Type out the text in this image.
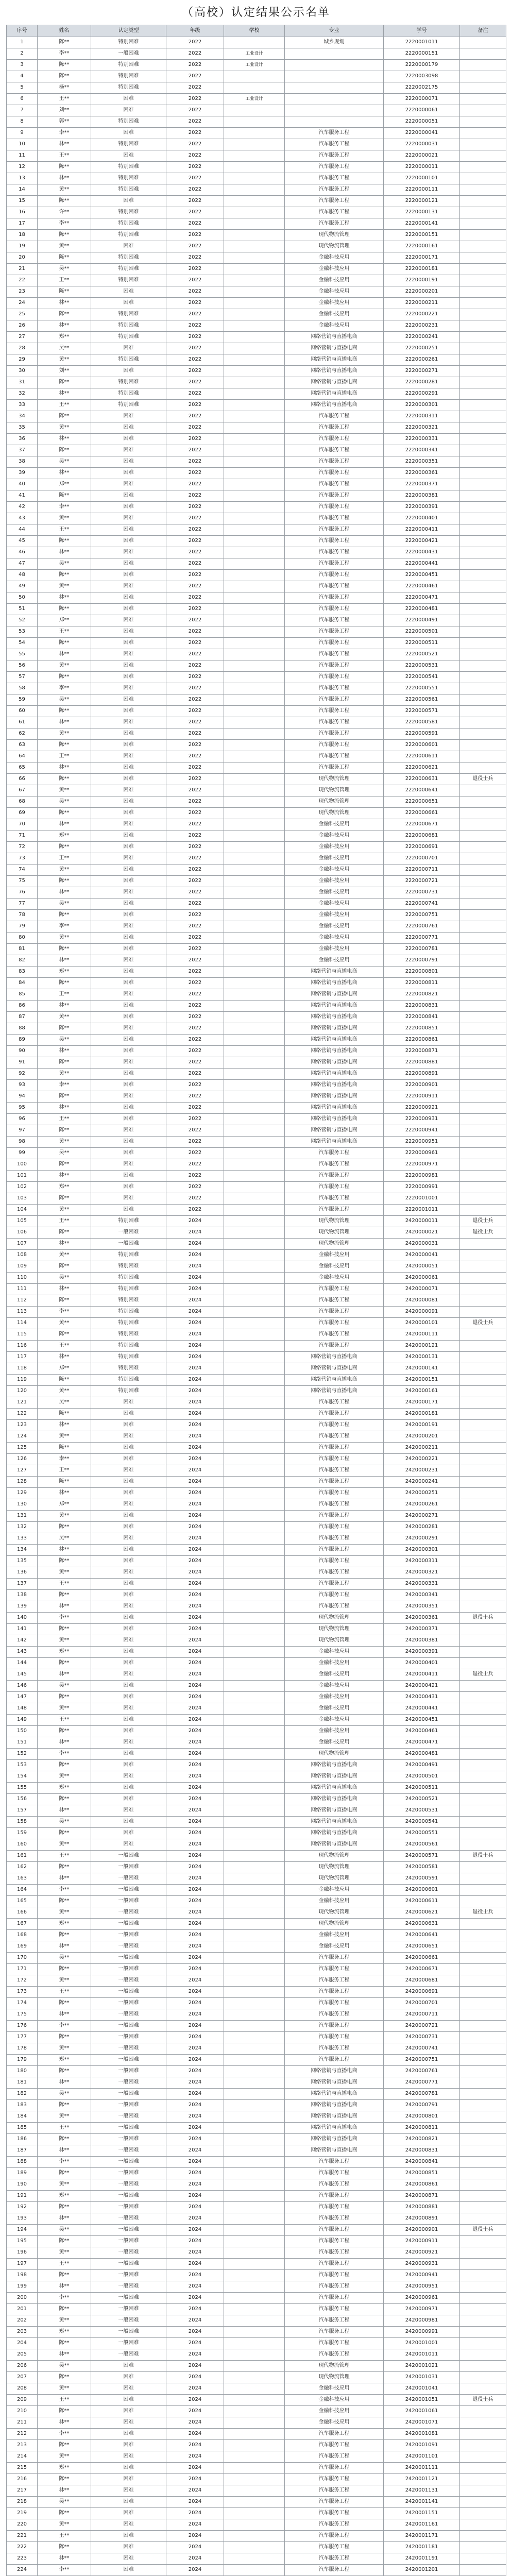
（高校）认定结果公示名单
序号	姓名	认定类型	年级	学校	专业	学号	备注
1	陈**	特别困难	2022		城乡规划	2220001011	
2	李**	一般困难	2022	工业设计		2220000151	
3	陈**	特别困难	2022	工业设计		2220000179	
4	陈**	特别困难	2022			2220003098	
5	杨**	特别困难	2022			2220002175	
6	王**	困难	2022	工业设计		2220000071	
7	刘**	困难	2022			2220000061	
8	郭**	特别困难	2022			2220000051	
9	李**	困难	2022		汽车服务工程	2220000041	
10	林**	特别困难	2022		汽车服务工程	2220000031	
11	王**	困难	2022		汽车服务工程	2220000021	
12	陈**	特别困难	2022		汽车服务工程	2220000011	
13	林**	特别困难	2022		汽车服务工程	2220000101	
14	黄**	特别困难	2022		汽车服务工程	2220000111	
15	陈**	困难	2022		汽车服务工程	2220000121	
16	许**	特别困难	2022		汽车服务工程	2220000131	
17	李**	特别困难	2022		汽车服务工程	2220000141	
18	陈**	特别困难	2022		现代物流管理	2220000151	
19	黄**	困难	2022		现代物流管理	2220000161	
20	陈**	特别困难	2022		金融科技应用	2220000171	
21	吴**	特别困难	2022		金融科技应用	2220000181	
22	王**	特别困难	2022		金融科技应用	2220000191	
23	陈**	困难	2022		金融科技应用	2220000201	
24	林**	困难	2022		金融科技应用	2220000211	
25	陈**	特别困难	2022		金融科技应用	2220000221	
26	林**	特别困难	2022		金融科技应用	2220000231	
27	郑**	特别困难	2022		网络营销与直播电商	2220000241	
28	吴**	困难	2022		网络营销与直播电商	2220000251	
29	黄**	特别困难	2022		网络营销与直播电商	2220000261	
30	刘**	困难	2022		网络营销与直播电商	2220000271	
31	陈**	特别困难	2022		网络营销与直播电商	2220000281	
32	林**	特别困难	2022		网络营销与直播电商	2220000291	
33	王**	特别困难	2022		网络营销与直播电商	2220000301	
34	陈**	困难	2022		汽车服务工程	2220000311	
35	黄**	困难	2022		汽车服务工程	2220000321	
36	林**	困难	2022		汽车服务工程	2220000331	
37	陈**	困难	2022		汽车服务工程	2220000341	
38	吴**	困难	2022		汽车服务工程	2220000351	
39	林**	困难	2022		汽车服务工程	2220000361	
40	郑**	困难	2022		汽车服务工程	2220000371	
41	陈**	困难	2022		汽车服务工程	2220000381	
42	李**	困难	2022		汽车服务工程	2220000391	
43	黄**	困难	2022		汽车服务工程	2220000401	
44	王**	困难	2022		汽车服务工程	2220000411	
45	陈**	困难	2022		汽车服务工程	2220000421	
46	林**	困难	2022		汽车服务工程	2220000431	
47	吴**	困难	2022		汽车服务工程	2220000441	
48	陈**	困难	2022		汽车服务工程	2220000451	
49	黄**	困难	2022		汽车服务工程	2220000461	
50	林**	困难	2022		汽车服务工程	2220000471	
51	陈**	困难	2022		汽车服务工程	2220000481	
52	郑**	困难	2022		汽车服务工程	2220000491	
53	王**	困难	2022		汽车服务工程	2220000501	
54	陈**	困难	2022		汽车服务工程	2220000511	
55	林**	困难	2022		汽车服务工程	2220000521	
56	黄**	困难	2022		汽车服务工程	2220000531	
57	陈**	困难	2022		汽车服务工程	2220000541	
58	李**	困难	2022		汽车服务工程	2220000551	
59	吴**	困难	2022		汽车服务工程	2220000561	
60	陈**	困难	2022		汽车服务工程	2220000571	
61	林**	困难	2022		汽车服务工程	2220000581	
62	黄**	困难	2022		汽车服务工程	2220000591	
63	陈**	困难	2022		汽车服务工程	2220000601	
64	王**	困难	2022		汽车服务工程	2220000611	
65	林**	困难	2022		汽车服务工程	2220000621	
66	陈**	困难	2022		现代物流管理	2220000631	退役士兵
67	黄**	困难	2022		现代物流管理	2220000641	
68	吴**	困难	2022		现代物流管理	2220000651	
69	陈**	困难	2022		现代物流管理	2220000661	
70	林**	困难	2022		金融科技应用	2220000671	
71	郑**	困难	2022		金融科技应用	2220000681	
72	陈**	困难	2022		金融科技应用	2220000691	
73	王**	困难	2022		金融科技应用	2220000701	
74	黄**	困难	2022		金融科技应用	2220000711	
75	陈**	困难	2022		金融科技应用	2220000721	
76	林**	困难	2022		金融科技应用	2220000731	
77	吴**	困难	2022		金融科技应用	2220000741	
78	陈**	困难	2022		金融科技应用	2220000751	
79	李**	困难	2022		金融科技应用	2220000761	
80	黄**	困难	2022		金融科技应用	2220000771	
81	陈**	困难	2022		金融科技应用	2220000781	
82	林**	困难	2022		金融科技应用	2220000791	
83	郑**	困难	2022		网络营销与直播电商	2220000801	
84	陈**	困难	2022		网络营销与直播电商	2220000811	
85	王**	困难	2022		网络营销与直播电商	2220000821	
86	林**	困难	2022		网络营销与直播电商	2220000831	
87	黄**	困难	2022		网络营销与直播电商	2220000841	
88	陈**	困难	2022		网络营销与直播电商	2220000851	
89	吴**	困难	2022		网络营销与直播电商	2220000861	
90	林**	困难	2022		网络营销与直播电商	2220000871	
91	陈**	困难	2022		网络营销与直播电商	2220000881	
92	黄**	困难	2022		网络营销与直播电商	2220000891	
93	李**	困难	2022		网络营销与直播电商	2220000901	
94	陈**	困难	2022		网络营销与直播电商	2220000911	
95	林**	困难	2022		网络营销与直播电商	2220000921	
96	王**	困难	2022		网络营销与直播电商	2220000931	
97	陈**	困难	2022		网络营销与直播电商	2220000941	
98	黄**	困难	2022		网络营销与直播电商	2220000951	
99	吴**	困难	2022		汽车服务工程	2220000961	
100	陈**	困难	2022		汽车服务工程	2220000971	
101	林**	困难	2022		汽车服务工程	2220000981	
102	郑**	困难	2022		汽车服务工程	2220000991	
103	陈**	困难	2022		汽车服务工程	2220001001	
104	黄**	困难	2022		汽车服务工程	2220001011	
105	王**	特别困难	2024		现代物流管理	2420000011	退役士兵
106	陈**	一般困难	2024		现代物流管理	2420000021	退役士兵
107	林**	一般困难	2024		现代物流管理	2420000031	
108	黄**	特别困难	2024		金融科技应用	2420000041	
109	陈**	特别困难	2024		金融科技应用	2420000051	
110	吴**	特别困难	2024		金融科技应用	2420000061	
111	林**	特别困难	2024		汽车服务工程	2420000071	
112	陈**	特别困难	2024		汽车服务工程	2420000081	
113	李**	特别困难	2024		汽车服务工程	2420000091	
114	黄**	特别困难	2024		汽车服务工程	2420000101	退役士兵
115	陈**	特别困难	2024		汽车服务工程	2420000111	
116	王**	特别困难	2024		汽车服务工程	2420000121	
117	林**	特别困难	2024		网络营销与直播电商	2420000131	
118	郑**	特别困难	2024		网络营销与直播电商	2420000141	
119	陈**	特别困难	2024		网络营销与直播电商	2420000151	
120	黄**	特别困难	2024		网络营销与直播电商	2420000161	
121	吴**	困难	2024		汽车服务工程	2420000171	
122	陈**	困难	2024		汽车服务工程	2420000181	
123	林**	困难	2024		汽车服务工程	2420000191	
124	黄**	困难	2024		汽车服务工程	2420000201	
125	陈**	困难	2024		汽车服务工程	2420000211	
126	李**	困难	2024		汽车服务工程	2420000221	
127	王**	困难	2024		汽车服务工程	2420000231	
128	陈**	困难	2024		汽车服务工程	2420000241	
129	林**	困难	2024		汽车服务工程	2420000251	
130	郑**	困难	2024		汽车服务工程	2420000261	
131	黄**	困难	2024		汽车服务工程	2420000271	
132	陈**	困难	2024		汽车服务工程	2420000281	
133	吴**	困难	2024		汽车服务工程	2420000291	
134	林**	困难	2024		汽车服务工程	2420000301	
135	陈**	困难	2024		汽车服务工程	2420000311	
136	黄**	困难	2024		汽车服务工程	2420000321	
137	王**	困难	2024		汽车服务工程	2420000331	
138	陈**	困难	2024		汽车服务工程	2420000341	
139	林**	困难	2024		汽车服务工程	2420000351	
140	李**	困难	2024		现代物流管理	2420000361	退役士兵
141	陈**	困难	2024		现代物流管理	2420000371	
142	黄**	困难	2024		现代物流管理	2420000381	
143	郑**	困难	2024		金融科技应用	2420000391	
144	陈**	困难	2024		金融科技应用	2420000401	
145	林**	困难	2024		金融科技应用	2420000411	退役士兵
146	吴**	困难	2024		金融科技应用	2420000421	
147	陈**	困难	2024		金融科技应用	2420000431	
148	黄**	困难	2024		金融科技应用	2420000441	
149	王**	困难	2024		金融科技应用	2420000451	
150	陈**	困难	2024		金融科技应用	2420000461	
151	林**	困难	2024		金融科技应用	2420000471	
152	李**	困难	2024		现代物流管理	2420000481	
153	陈**	困难	2024		网络营销与直播电商	2420000491	
154	黄**	困难	2024		网络营销与直播电商	2420000501	
155	郑**	困难	2024		网络营销与直播电商	2420000511	
156	陈**	困难	2024		网络营销与直播电商	2420000521	
157	林**	困难	2024		网络营销与直播电商	2420000531	
158	吴**	困难	2024		网络营销与直播电商	2420000541	
159	陈**	困难	2024		网络营销与直播电商	2420000551	
160	黄**	困难	2024		网络营销与直播电商	2420000561	
161	王**	一般困难	2024		现代物流管理	2420000571	退役士兵
162	陈**	一般困难	2024		现代物流管理	2420000581	
163	林**	一般困难	2024		现代物流管理	2420000591	
164	李**	一般困难	2024		金融科技应用	2420000601	
165	陈**	一般困难	2024		金融科技应用	2420000611	
166	黄**	一般困难	2024		现代物流管理	2420000621	退役士兵
167	郑**	一般困难	2024		现代物流管理	2420000631	
168	陈**	一般困难	2024		金融科技应用	2420000641	
169	林**	一般困难	2024		金融科技应用	2420000651	
170	吴**	一般困难	2024		汽车服务工程	2420000661	
171	陈**	一般困难	2024		汽车服务工程	2420000671	
172	黄**	一般困难	2024		汽车服务工程	2420000681	
173	王**	一般困难	2024		汽车服务工程	2420000691	
174	陈**	一般困难	2024		汽车服务工程	2420000701	
175	林**	一般困难	2024		汽车服务工程	2420000711	
176	李**	一般困难	2024		汽车服务工程	2420000721	
177	陈**	一般困难	2024		汽车服务工程	2420000731	
178	黄**	一般困难	2024		汽车服务工程	2420000741	
179	郑**	一般困难	2024		汽车服务工程	2420000751	
180	陈**	一般困难	2024		网络营销与直播电商	2420000761	
181	林**	一般困难	2024		网络营销与直播电商	2420000771	
182	吴**	一般困难	2024		网络营销与直播电商	2420000781	
183	陈**	一般困难	2024		网络营销与直播电商	2420000791	
184	黄**	一般困难	2024		网络营销与直播电商	2420000801	
185	王**	一般困难	2024		网络营销与直播电商	2420000811	
186	陈**	一般困难	2024		网络营销与直播电商	2420000821	
187	林**	一般困难	2024		网络营销与直播电商	2420000831	
188	李**	一般困难	2024		汽车服务工程	2420000841	
189	陈**	一般困难	2024		汽车服务工程	2420000851	
190	黄**	一般困难	2024		汽车服务工程	2420000861	
191	郑**	一般困难	2024		汽车服务工程	2420000871	
192	陈**	一般困难	2024		汽车服务工程	2420000881	
193	林**	一般困难	2024		汽车服务工程	2420000891	
194	吴**	一般困难	2024		汽车服务工程	2420000901	退役士兵
195	陈**	一般困难	2024		汽车服务工程	2420000911	
196	黄**	一般困难	2024		汽车服务工程	2420000921	
197	王**	一般困难	2024		汽车服务工程	2420000931	
198	陈**	一般困难	2024		汽车服务工程	2420000941	
199	林**	一般困难	2024		汽车服务工程	2420000951	
200	李**	一般困难	2024		汽车服务工程	2420000961	
201	陈**	一般困难	2024		汽车服务工程	2420000971	
202	黄**	一般困难	2024		汽车服务工程	2420000981	
203	郑**	一般困难	2024		汽车服务工程	2420000991	
204	陈**	一般困难	2024		汽车服务工程	2420001001	
205	林**	一般困难	2024		汽车服务工程	2420001011	
206	吴**	困难	2024		现代物流管理	2420001021	
207	陈**	困难	2024		现代物流管理	2420001031	
208	黄**	困难	2024		金融科技应用	2420001041	
209	王**	困难	2024		金融科技应用	2420001051	退役士兵
210	陈**	困难	2024		金融科技应用	2420001061	
211	林**	困难	2024		金融科技应用	2420001071	
212	李**	困难	2024		汽车服务工程	2420001081	
213	陈**	困难	2024		汽车服务工程	2420001091	
214	黄**	困难	2024		汽车服务工程	2420001101	
215	郑**	困难	2024		汽车服务工程	2420001111	
216	陈**	困难	2024		汽车服务工程	2420001121	
217	林**	困难	2024		汽车服务工程	2420001131	
218	吴**	困难	2024		汽车服务工程	2420001141	
219	陈**	困难	2024		汽车服务工程	2420001151	
220	黄**	困难	2024		汽车服务工程	2420001161	
221	王**	困难	2024		汽车服务工程	2420001171	
222	陈**	困难	2024		汽车服务工程	2420001181	
223	林**	困难	2024		汽车服务工程	2420001191	
224	李**	困难	2024		汽车服务工程	2420001201	
